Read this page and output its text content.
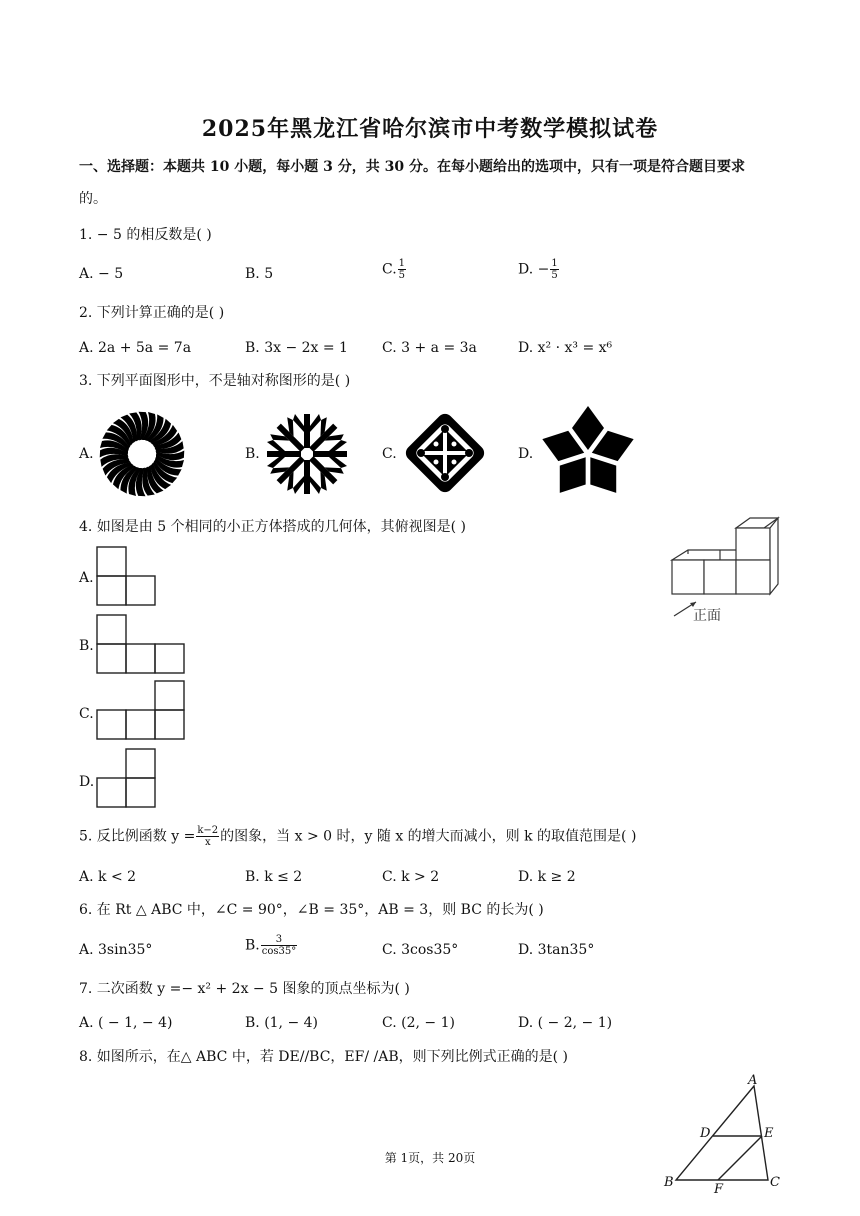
2025年黑龙江省哈尔滨市中考数学模拟试卷
一、选择题：本题共 10 小题，每小题 3 分，共 30 分。在每小题给出的选项中，只有一项是符合题目要求
的。
1. − 5 的相反数是( )
A. − 5	B. 5	C. $\frac{1}{5}$	D. − $\frac{1}{5}$
2. 下列计算正确的是( )
A. 2a + 5a = 7a	B. 3x − 2x = 1 C. 3 + a = 3a	D. x² · x³ = x⁶
3. 下列平面图形中，不是轴对称图形的是( )
A.	B.	C.	D.
4. 如图是由 5 个相同的小正方体搭成的几何体，其俯视图是( )
A.
B.
C.
D.
正面
5. 反比例函数 $y = \frac{k-2}{x}$ 的图象，当 x > 0 时，y 随 x 的增大而减小，则 k 的取值范围是( )
A. k < 2	B. k ≤ 2	C. k > 2	D. k ≥ 2
6. 在 Rt △ ABC 中，∠C = 90°，∠B = 35°，AB = 3，则 BC 的长为( )
A. 3sin35°	B. $\frac{3}{\cos 35^\circ}$	C. 3cos35°	D. 3tan35°
7. 二次函数 y =− x² + 2x − 5 图象的顶点坐标为( )
A. ( − 1, − 4)	B. (1, − 4)	C. (2, − 1)	D. ( − 2, − 1)
8. 如图所示，在△ ABC 中，若 DE//BC，EF/ /AB，则下列比例式正确的是( )
A
D	E
B	C
F
第 1页，共 20页
